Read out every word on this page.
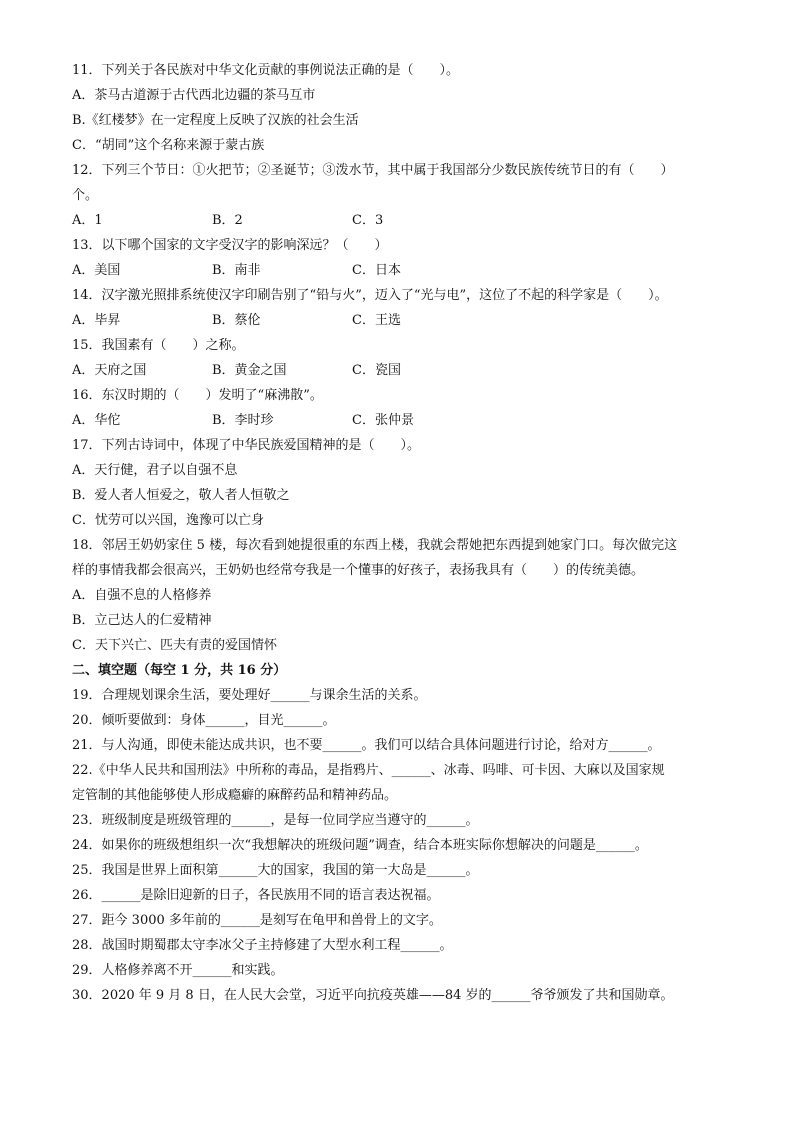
11．下列关于各民族对中华文化贡献的事例说法正确的是（　　）。
A．茶马古道源于古代西北边疆的茶马互市
B.《红楼梦》在一定程度上反映了汉族的社会生活
C．“胡同”这个名称来源于蒙古族
12．下列三个节日：①火把节；②圣诞节；③泼水节，其中属于我国部分少数民族传统节日的有（　　）
个。
A．1	B．2	C．3
13．以下哪个国家的文字受汉字的影响深远？（　　）
A．美国	B．南非	C．日本
14．汉字激光照排系统使汉字印刷告别了“铅与火”，迈入了“光与电”，这位了不起的科学家是（　　）。
A．毕昇	B．蔡伦	C．王选
15．我国素有（　　）之称。
A．天府之国	B．黄金之国	C．瓷国
16．东汉时期的（　　）发明了“麻沸散”。
A．华佗	B．李时珍	C．张仲景
17．下列古诗词中，体现了中华民族爱国精神的是（　　）。
A．天行健，君子以自强不息
B．爱人者人恒爱之，敬人者人恒敬之
C．忧劳可以兴国，逸豫可以亡身
18．邻居王奶奶家住 5 楼，每次看到她提很重的东西上楼，我就会帮她把东西提到她家门口。每次做完这
样的事情我都会很高兴，王奶奶也经常夸我是一个懂事的好孩子，表扬我具有（　　）的传统美德。
A．自强不息的人格修养
B．立己达人的仁爱精神
C．天下兴亡、匹夫有责的爱国情怀
二、填空题（每空 1 分，共 16 分）
19．合理规划课余生活，要处理好______与课余生活的关系。
20．倾听要做到：身体______，目光______。
21．与人沟通，即使未能达成共识，也不要______。我们可以结合具体问题进行讨论，给对方______。
22.《中华人民共和国刑法》中所称的毒品，是指鸦片、______、冰毒、吗啡、可卡因、大麻以及国家规
定管制的其他能够使人形成瘾癖的麻醉药品和精神药品。
23．班级制度是班级管理的______，是每一位同学应当遵守的______。
24．如果你的班级想组织一次“我想解决的班级问题”调查，结合本班实际你想解决的问题是______。
25．我国是世界上面积第______大的国家，我国的第一大岛是______。
26．______是除旧迎新的日子，各民族用不同的语言表达祝福。
27．距今 3000 多年前的______是刻写在龟甲和兽骨上的文字。
28．战国时期蜀郡太守李冰父子主持修建了大型水利工程______。
29．人格修养离不开______和实践。
30．2020 年 9 月 8 日，在人民大会堂，习近平向抗疫英雄——84 岁的______爷爷颁发了共和国勋章。
